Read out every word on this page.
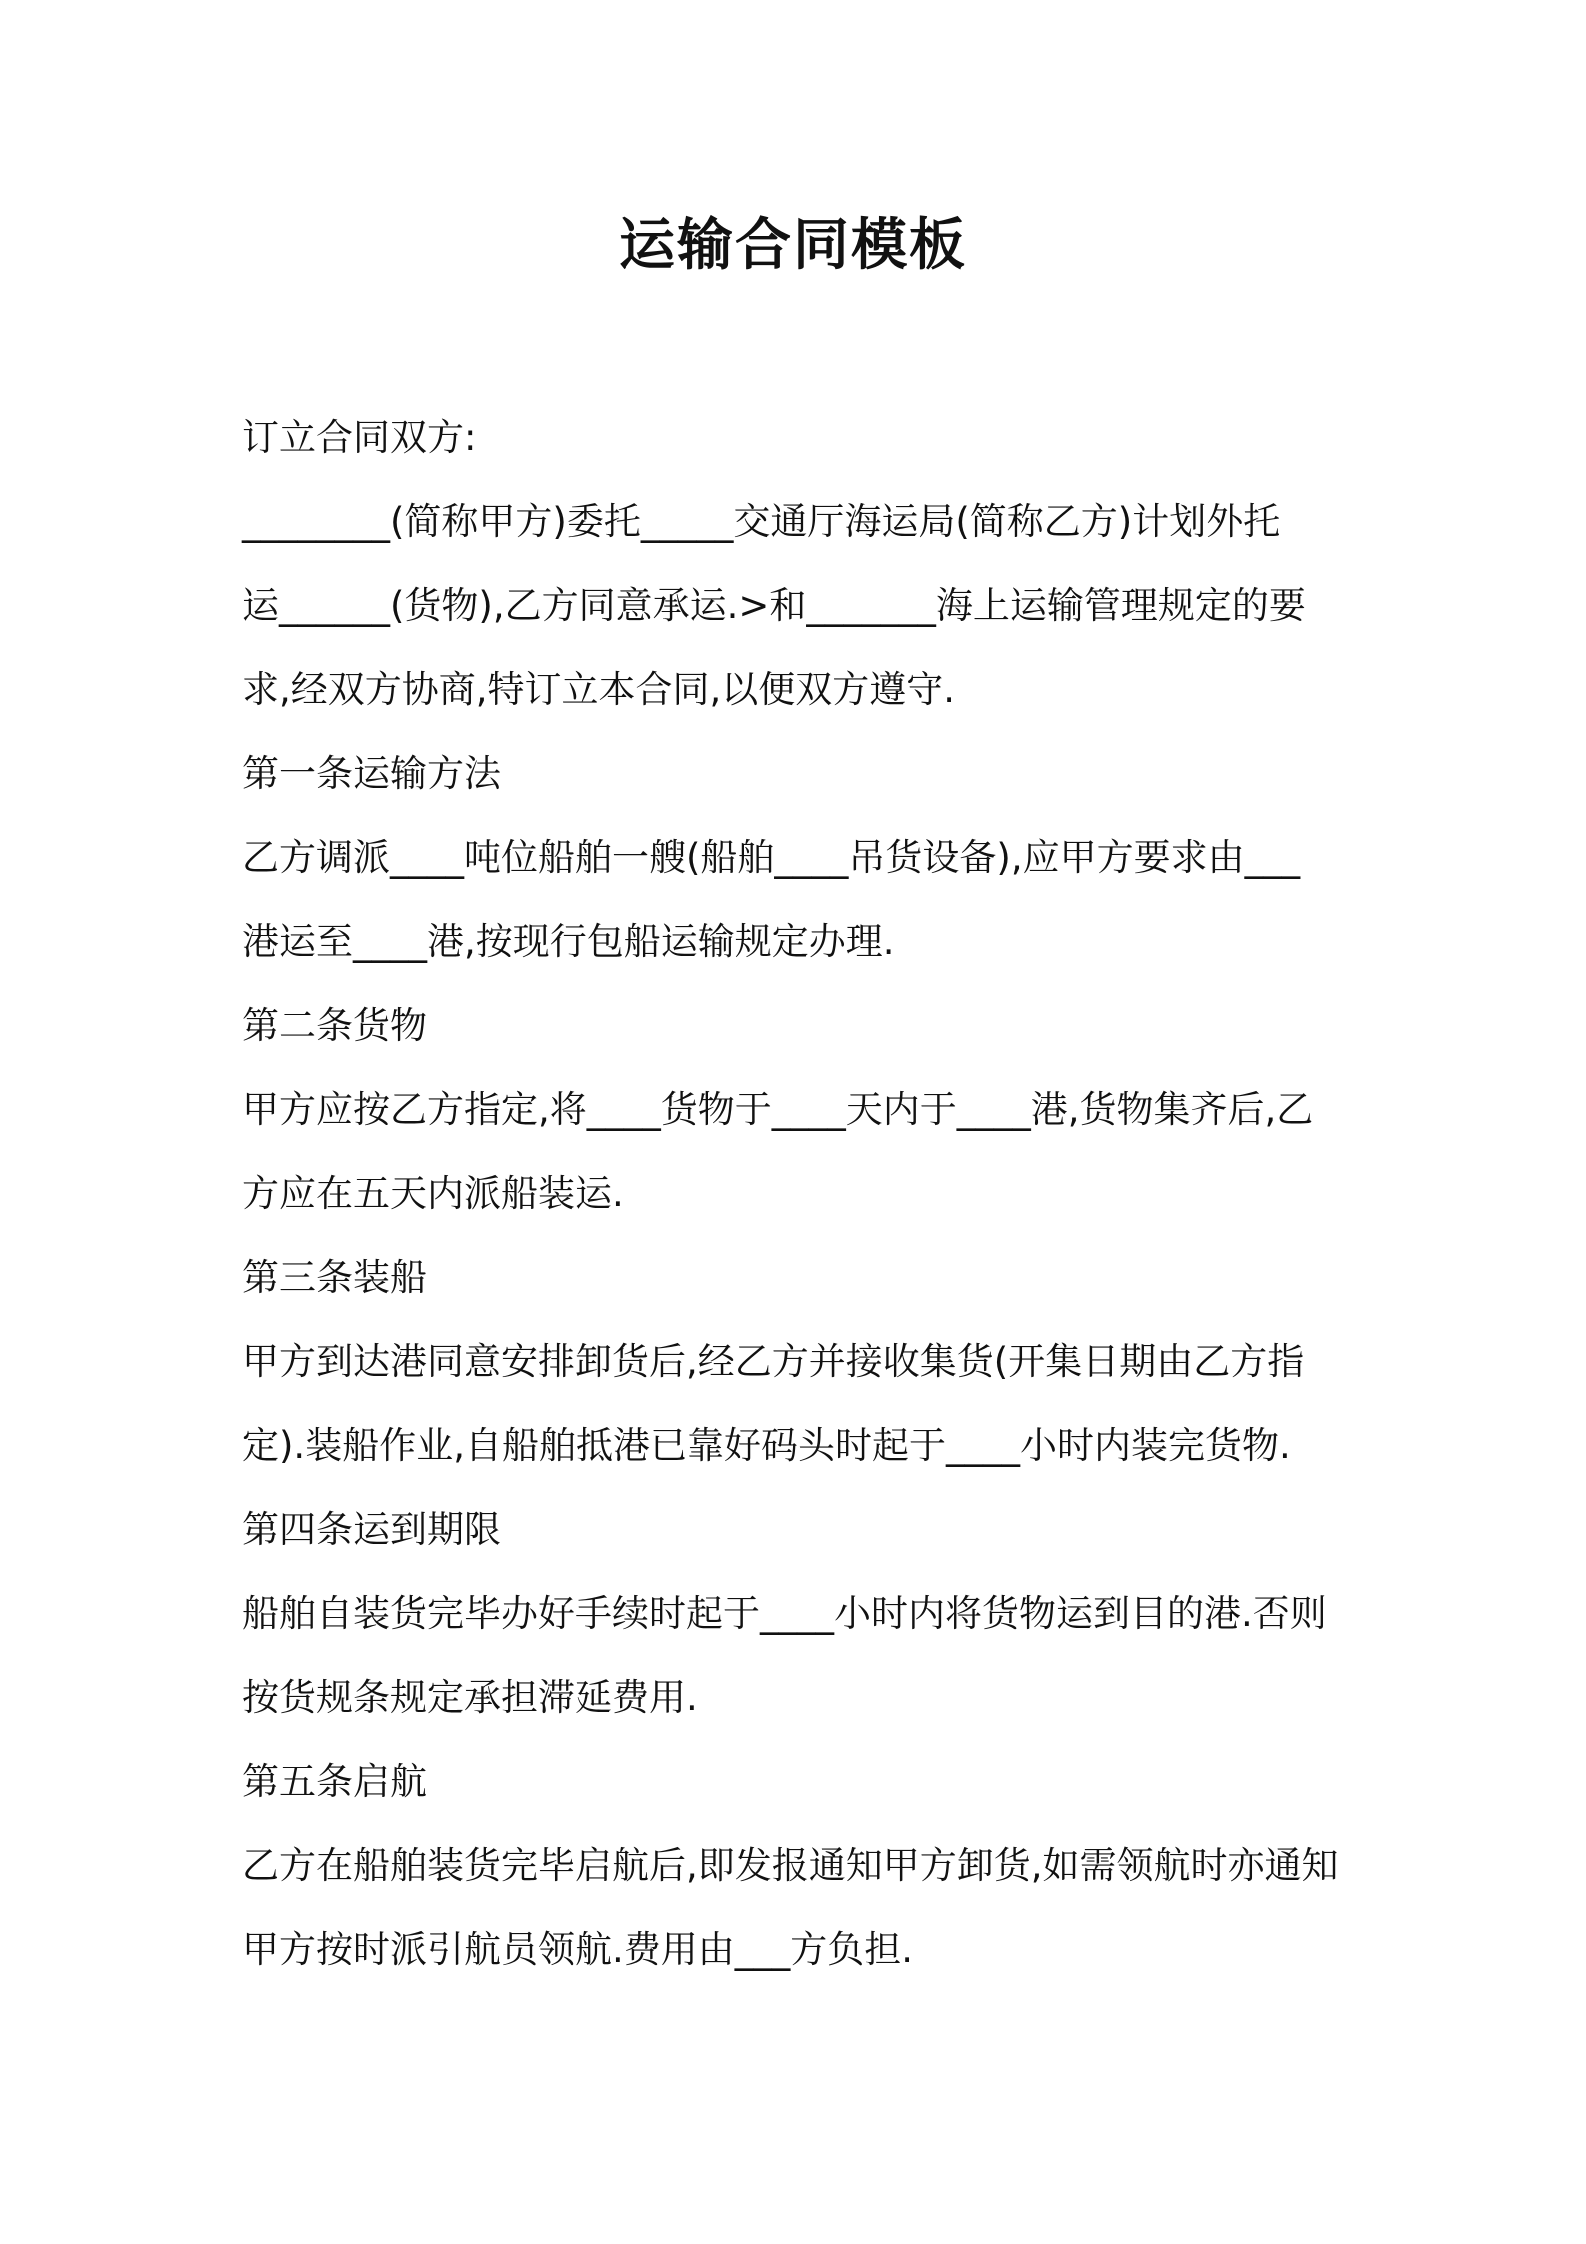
运输合同模板
订立合同双方:
________(简称甲方)委托_____交通厅海运局(简称乙方)计划外托
运______(货物),乙方同意承运.>和_______海上运输管理规定的要
求,经双方协商,特订立本合同,以便双方遵守.
第一条运输方法
乙方调派____吨位船舶一艘(船舶____吊货设备),应甲方要求由___
港运至____港,按现行包船运输规定办理.
第二条货物
甲方应按乙方指定,将____货物于____天内于____港,货物集齐后,乙
方应在五天内派船装运.
第三条装船
甲方到达港同意安排卸货后,经乙方并接收集货(开集日期由乙方指
定).装船作业,自船舶抵港已靠好码头时起于____小时内装完货物.
第四条运到期限
船舶自装货完毕办好手续时起于____小时内将货物运到目的港.否则
按货规条规定承担滞延费用.
第五条启航
乙方在船舶装货完毕启航后,即发报通知甲方卸货,如需领航时亦通知
甲方按时派引航员领航.费用由___方负担.
